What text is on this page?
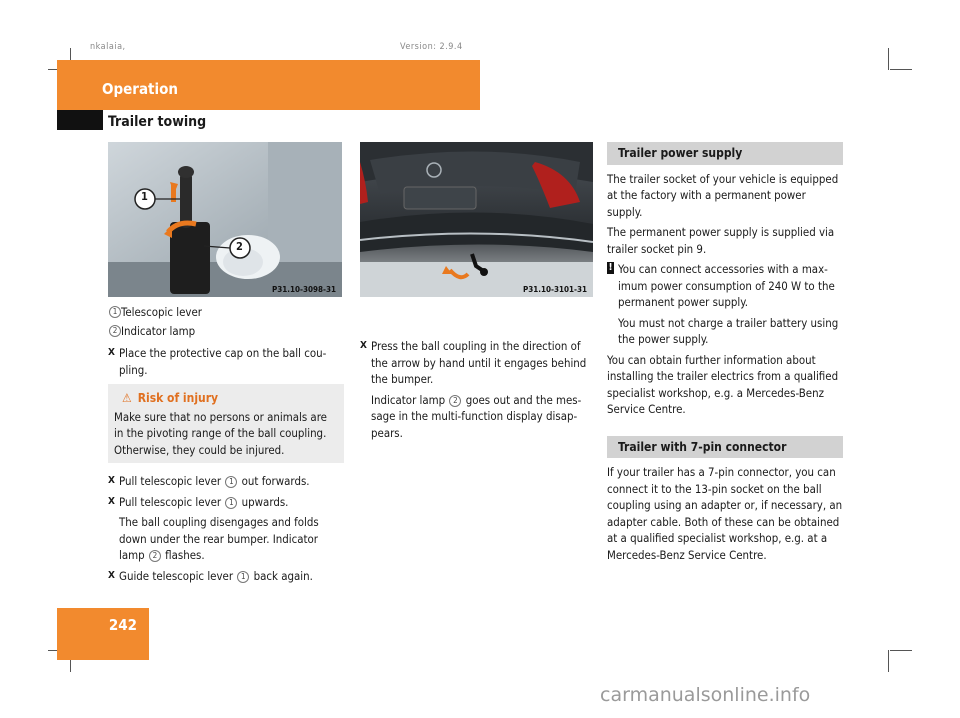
nkalaia,	Version: 2.9.4
Operation
Trailer towing
1
2
P31.10-3098-31	P31.10-3101-31
1 Telescopic lever
2 Indicator lamp
X Place the protective cap on the ball cou-pling.
⚠ Risk of injury
Make sure that no persons or animals are in the pivoting range of the ball coupling. Otherwise, they could be injured.
X Pull telescopic lever 1 out forwards.
X Pull telescopic lever 1 upwards.
The ball coupling disengages and folds down under the rear bumper. Indicator lamp 2 flashes.
X Guide telescopic lever 1 back again.
X Press the ball coupling in the direction of the arrow by hand until it engages behind the bumper.
Indicator lamp 2 goes out and the mes-sage in the multi-function display disap-pears.
Trailer power supply

The trailer socket of your vehicle is equipped at the factory with a permanent power supply.

The permanent power supply is supplied via trailer socket pin 9.

! You can connect accessories with a max-imum power consumption of 240 W to the permanent power supply.
You must not charge a trailer battery using the power supply.

You can obtain further information about installing the trailer electrics from a qualified specialist workshop, e.g. a Mercedes-Benz Service Centre.

Trailer with 7-pin connector

If your trailer has a 7-pin connector, you can connect it to the 13-pin socket on the ball coupling using an adapter or, if necessary, an adapter cable. Both of these can be obtained at a qualified specialist workshop, e.g. at a Mercedes-Benz Service Centre.

242
carmanualsonline.info
